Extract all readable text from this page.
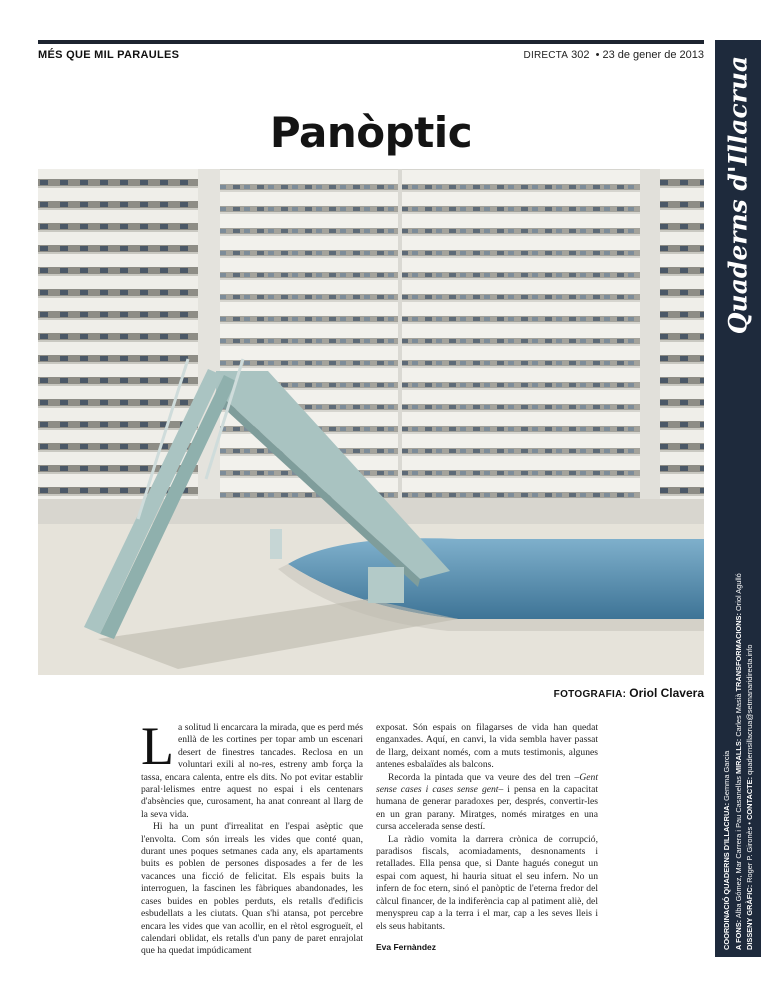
MÉS QUE MIL PARAULES	DIRECTA 302 • 23 de gener de 2013
Panòptic
FOTOGRAFIA: Oriol Clavera

La solitud li encarcara la mirada, que es perd més enllà de les cortines per topar amb un escenari desert de finestres tancades. Reclosa en un voluntari exili al no-res, estreny amb força la tassa, encara calenta, entre els dits. No pot evitar establir paral·lelismes entre aquest no espai i els centenars d'absències que, curosament, ha anat conreant al llarg de la seva vida.

Hi ha un punt d'irrealitat en l'espai asèptic que l'envolta. Com són irreals les vides que conté quan, durant unes poques setmanes cada any, els apartaments buits es poblen de persones disposades a fer de les vacances una ficció de felicitat. Els espais buits la interroguen, la fascinen les fàbriques abandonades, les cases buides en pobles perduts, els retalls d'edificis esbudellats a les ciutats. Quan s'hi atansa, pot percebre encara les vides que van acollir, en el rètol esgrogueït, el calendari oblidat, els retalls d'un pany de paret enrajolat que ha quedat impúdicament

exposat. Són espais on filagarses de vida han quedat enganxades. Aquí, en canvi, la vida sembla haver passat de llarg, deixant només, com a muts testimonis, algunes antenes esbalaïdes als balcons.

Recorda la pintada que va veure des del tren –Gent sense cases i cases sense gent– i pensa en la capacitat humana de generar paradoxes per, després, convertir-les en un gran parany. Miratges, només miratges en una cursa accelerada sense destí.

La ràdio vomita la darrera crònica de corrupció, paradisos fiscals, acomiadaments, desnonaments i retallades. Ella pensa que, si Dante hagués conegut un espai com aquest, hi hauria situat el seu infern. No un infern de foc etern, sinó el panòptic de l'eterna fredor del càlcul financer, de la indiferència cap al patiment aliè, del menyspreu cap a la terra i el mar, cap a les seves lleis i els seus habitants.

Eva Fernàndez
Quaderns d'Illacrua
COORDINACIÓ QUADERNS D'ILLACRUA: Gemma Garcia
A FONS: Alba Gómez, Mar Carrera i Pau Casanellas MIRALLS: Carles Masià TRANSFORMACIONS: Oriol Agulló
DISSENY GRÀFIC: Roger P. Gironès • CONTACTE: quadernsillacrua@setmanaridirecta.info
